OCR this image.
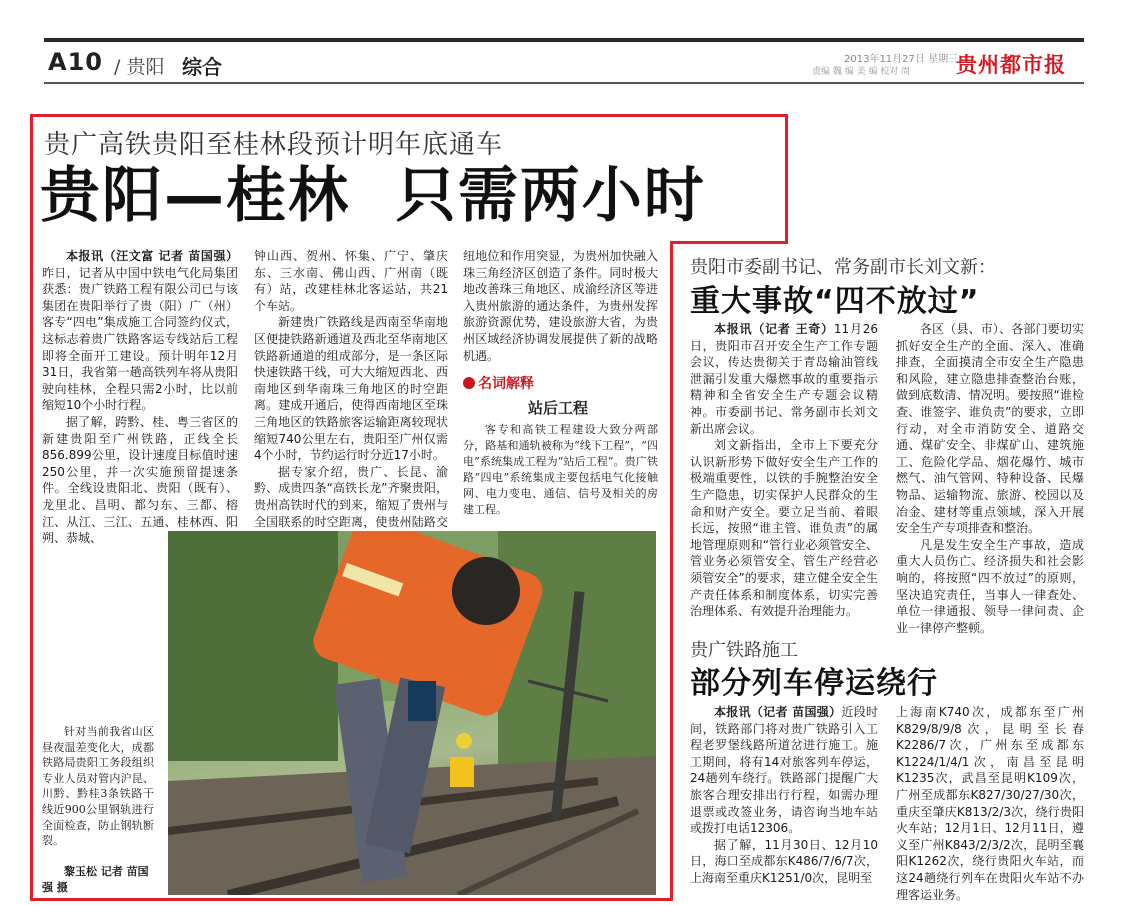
A10 / 贵阳 综合	2013年11月27日 星期三
责编 魏 编 美 编 校对 周 贵州都市报
贵广高铁贵阳至桂林段预计明年底通车
贵阳—桂林  只需两小时

本报讯（汪文富 记者 苗国强）昨日，记者从中国中铁电气化局集团获悉：贵广铁路工程有限公司已与该集团在贵阳举行了贵（阳）广（州）客专“四电”集成施工合同签约仪式，这标志着贵广铁路客运专线站后工程即将全面开工建设。预计明年12月31日，我省第一趟高铁列车将从贵阳驶向桂林，全程只需2小时，比以前缩短10个小时行程。

据了解，跨黔、桂、粤三省区的新建贵阳至广州铁路，正线全长856.899公里，设计速度目标值时速250公里，并一次实施预留提速条件。全线设贵阳北、贵阳（既有）、龙里北、昌明、都匀东、三都、榕江、从江、三江、五通、桂林西、阳朔、恭城、

钟山西、贺州、怀集、广宁、肇庆东、三水南、佛山西、广州南（既有）站，改建桂林北客运站，共21个车站。

新建贵广铁路线是西南至华南地区便捷铁路新通道及西北至华南地区铁路新通道的组成部分，是一条区际快速铁路干线，可大大缩短西北、西南地区到华南珠三角地区的时空距离。建成开通后，使得西南地区至珠三角地区的铁路旅客运输距离较现状缩短740公里左右，贵阳至广州仅需4个小时，节约运行时分近17小时。

据专家介绍，贵广、长昆、渝黔、成贵四条“高铁长龙”齐聚贵阳，贵州高铁时代的到来，缩短了贵州与全国联系的时空距离，使贵州陆路交

纽地位和作用突显，为贵州加快融入珠三角经济区创造了条件。同时极大地改善珠三角地区、成渝经济区等进入贵州旅游的通达条件，为贵州发挥旅游资源优势，建设旅游大省，为贵州区域经济协调发展提供了新的战略机遇。

名词解释
站后工程

客专和高铁工程建设大致分两部分，路基和通轨被称为“线下工程”，“四电”系统集成工程为“站后工程”。贵广铁路“四电”系统集成主要包括电气化接触网、电力变电、通信、信号及相关的房建工程。

针对当前我省山区昼夜温差变化大，成都铁路局贵阳工务段组织专业人员对管内沪昆、川黔、黔桂3条铁路干线近900公里钢轨进行全面检查，防止钢轨断裂。

黎玉松 记者 苗国强 摄
贵阳市委副书记、常务副市长刘文新：
重大事故“四不放过”

本报讯（记者 王奇）11月26日，贵阳市召开安全生产工作专题会议，传达贵彻关于青岛输油管线泄漏引发重大爆燃事故的重要指示精神和全省安全生产专题会议精神。市委副书记、常务副市长刘文新出席会议。

刘文新指出，全市上下要充分认识新形势下做好安全生产工作的极端重要性，以铁的手腕整治安全生产隐患，切实保护人民群众的生命和财产安全。要立足当前、着眼长远，按照“谁主管、谁负责”的属地管理原则和“管行业必须管安全、管业务必须管安全、管生产经营必须管安全”的要求，建立健全安全生产责任体系和制度体系，切实完善治理体系、有效提升治理能力。

各区（县、市）、各部门要切实抓好安全生产的全面、深入、准确排查，全面摸清全市安全生产隐患和风险，建立隐患排查整治台账，做到底数清、情况明。要按照“谁检查、谁签字、谁负责”的要求，立即行动，对全市消防安全、道路交通、煤矿安全、非煤矿山、建筑施工、危险化学品、烟花爆竹、城市燃气、油气管网、特种设备、民爆物品、运输物流、旅游、校园以及冶金、建材等重点领域，深入开展安全生产专项排查和整治。

凡是发生安全生产事故，造成重大人员伤亡、经济损失和社会影响的，将按照“四不放过”的原则，坚决追究责任，当事人一律查处、单位一律通报、领导一律问责、企业一律停产整顿。

贵广铁路施工
部分列车停运绕行

本报讯（记者 苗国强）近段时间，铁路部门将对贵广铁路引入工程老罗堡线路所道岔进行施工。施工期间，将有14对旅客列车停运，24趟列车绕行。铁路部门提醒广大旅客合理安排出行行程，如需办理退票或改签业务，请咨询当地车站或拨打电话12306。

据了解，11月30日、12月10日，海口至成都东K486/7/6/7次，上海南至重庆K1251/0次，昆明至

上海南K740次，成都东至广州K829/8/9/8次，昆明至长春K2286/7次，广州东至成都东K1224/1/4/1次，南昌至昆明K1235次，武昌至昆明K109次，广州至成都东K827/30/27/30次，重庆至肇庆K813/2/3次，绕行贵阳火车站；12月1日、12月11日，遵义至广州K843/2/3/2次，昆明至襄阳K1262次，绕行贵阳火车站，而这24趟绕行列车在贵阳火车站不办理客运业务。
